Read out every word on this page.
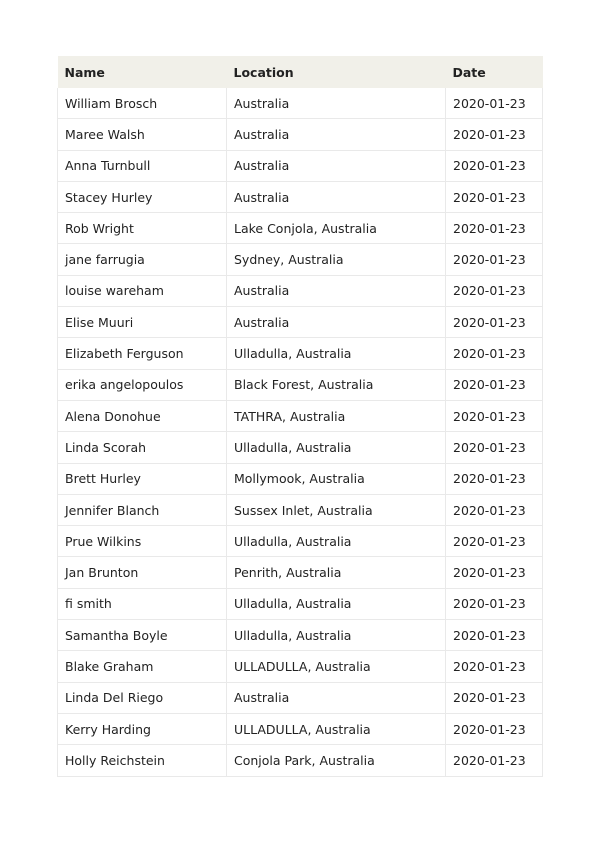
Name	Location	Date
William Brosch	Australia	2020-01-23
Maree Walsh	Australia	2020-01-23
Anna Turnbull	Australia	2020-01-23
Stacey Hurley	Australia	2020-01-23
Rob Wright	Lake Conjola, Australia	2020-01-23
jane farrugia	Sydney, Australia	2020-01-23
louise wareham	Australia	2020-01-23
Elise Muuri	Australia	2020-01-23
Elizabeth Ferguson	Ulladulla, Australia	2020-01-23
erika angelopoulos	Black Forest, Australia	2020-01-23
Alena Donohue	TATHRA, Australia	2020-01-23
Linda Scorah	Ulladulla, Australia	2020-01-23
Brett Hurley	Mollymook, Australia	2020-01-23
Jennifer Blanch	Sussex Inlet, Australia	2020-01-23
Prue Wilkins	Ulladulla, Australia	2020-01-23
Jan Brunton	Penrith, Australia	2020-01-23
fi smith	Ulladulla, Australia	2020-01-23
Samantha Boyle	Ulladulla, Australia	2020-01-23
Blake Graham	ULLADULLA, Australia	2020-01-23
Linda Del Riego	Australia	2020-01-23
Kerry Harding	ULLADULLA, Australia	2020-01-23
Holly Reichstein	Conjola Park, Australia	2020-01-23
